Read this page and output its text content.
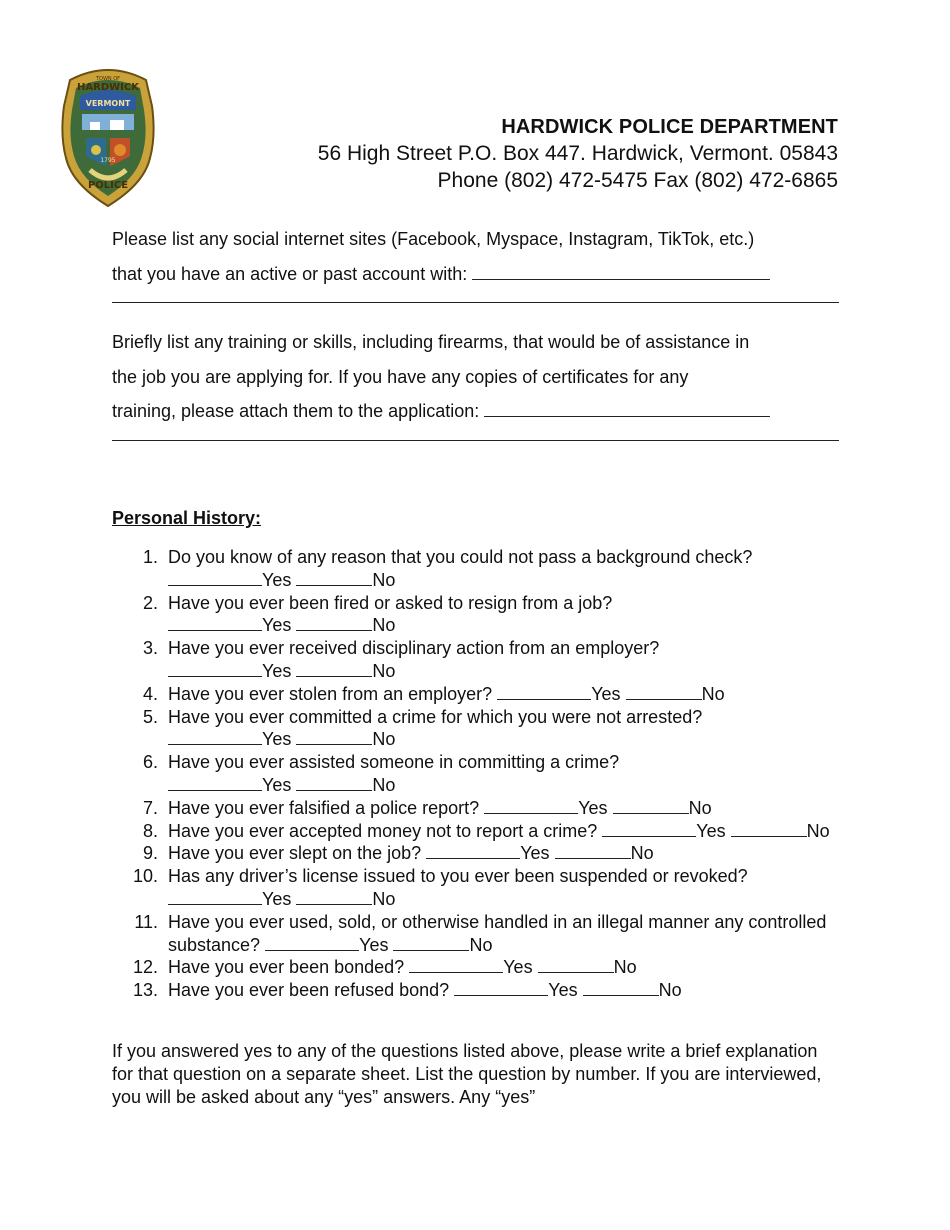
TOWN OF
HARDWICK
VERMONT
1795
POLICE
HARDWICK POLICE DEPARTMENT
56 High Street P.O. Box 447. Hardwick, Vermont. 05843
Phone (802) 472-5475 Fax (802) 472-6865
Please list any social internet sites (Facebook, Myspace, Instagram, TikTok, etc.)
that you have an active or past account with:
Briefly list any training or skills, including firearms, that would be of assistance in
the job you are applying for. If you have any copies of certificates for any
training, please attach them to the application:
Personal History:
1. Do you know of any reason that you could not pass a background check? Yes	No
2. Have you ever been fired or asked to resign from a job? Yes	No
3. Have you ever received disciplinary action from an employer? Yes	No
4. Have you ever stolen from an employer?	Yes	No
5. Have you ever committed a crime for which you were not arrested? Yes	No
6. Have you ever assisted someone in committing a crime? Yes	No
7. Have you ever falsified a police report?	Yes	No
8. Have you ever accepted money not to report a crime?	Yes	No
9. Have you ever slept on the job?	Yes	No
10. Has any driver’s license issued to you ever been suspended or revoked? Yes	No
11. Have you ever used, sold, or otherwise handled in an illegal manner any controlled substance?	Yes	No
12. Have you ever been bonded?	Yes	No
13. Have you ever been refused bond?	Yes	No
If you answered yes to any of the questions listed above, please write a brief explanation for that question on a separate sheet. List the question by number. If you are interviewed, you will be asked about any “yes” answers. Any “yes”
